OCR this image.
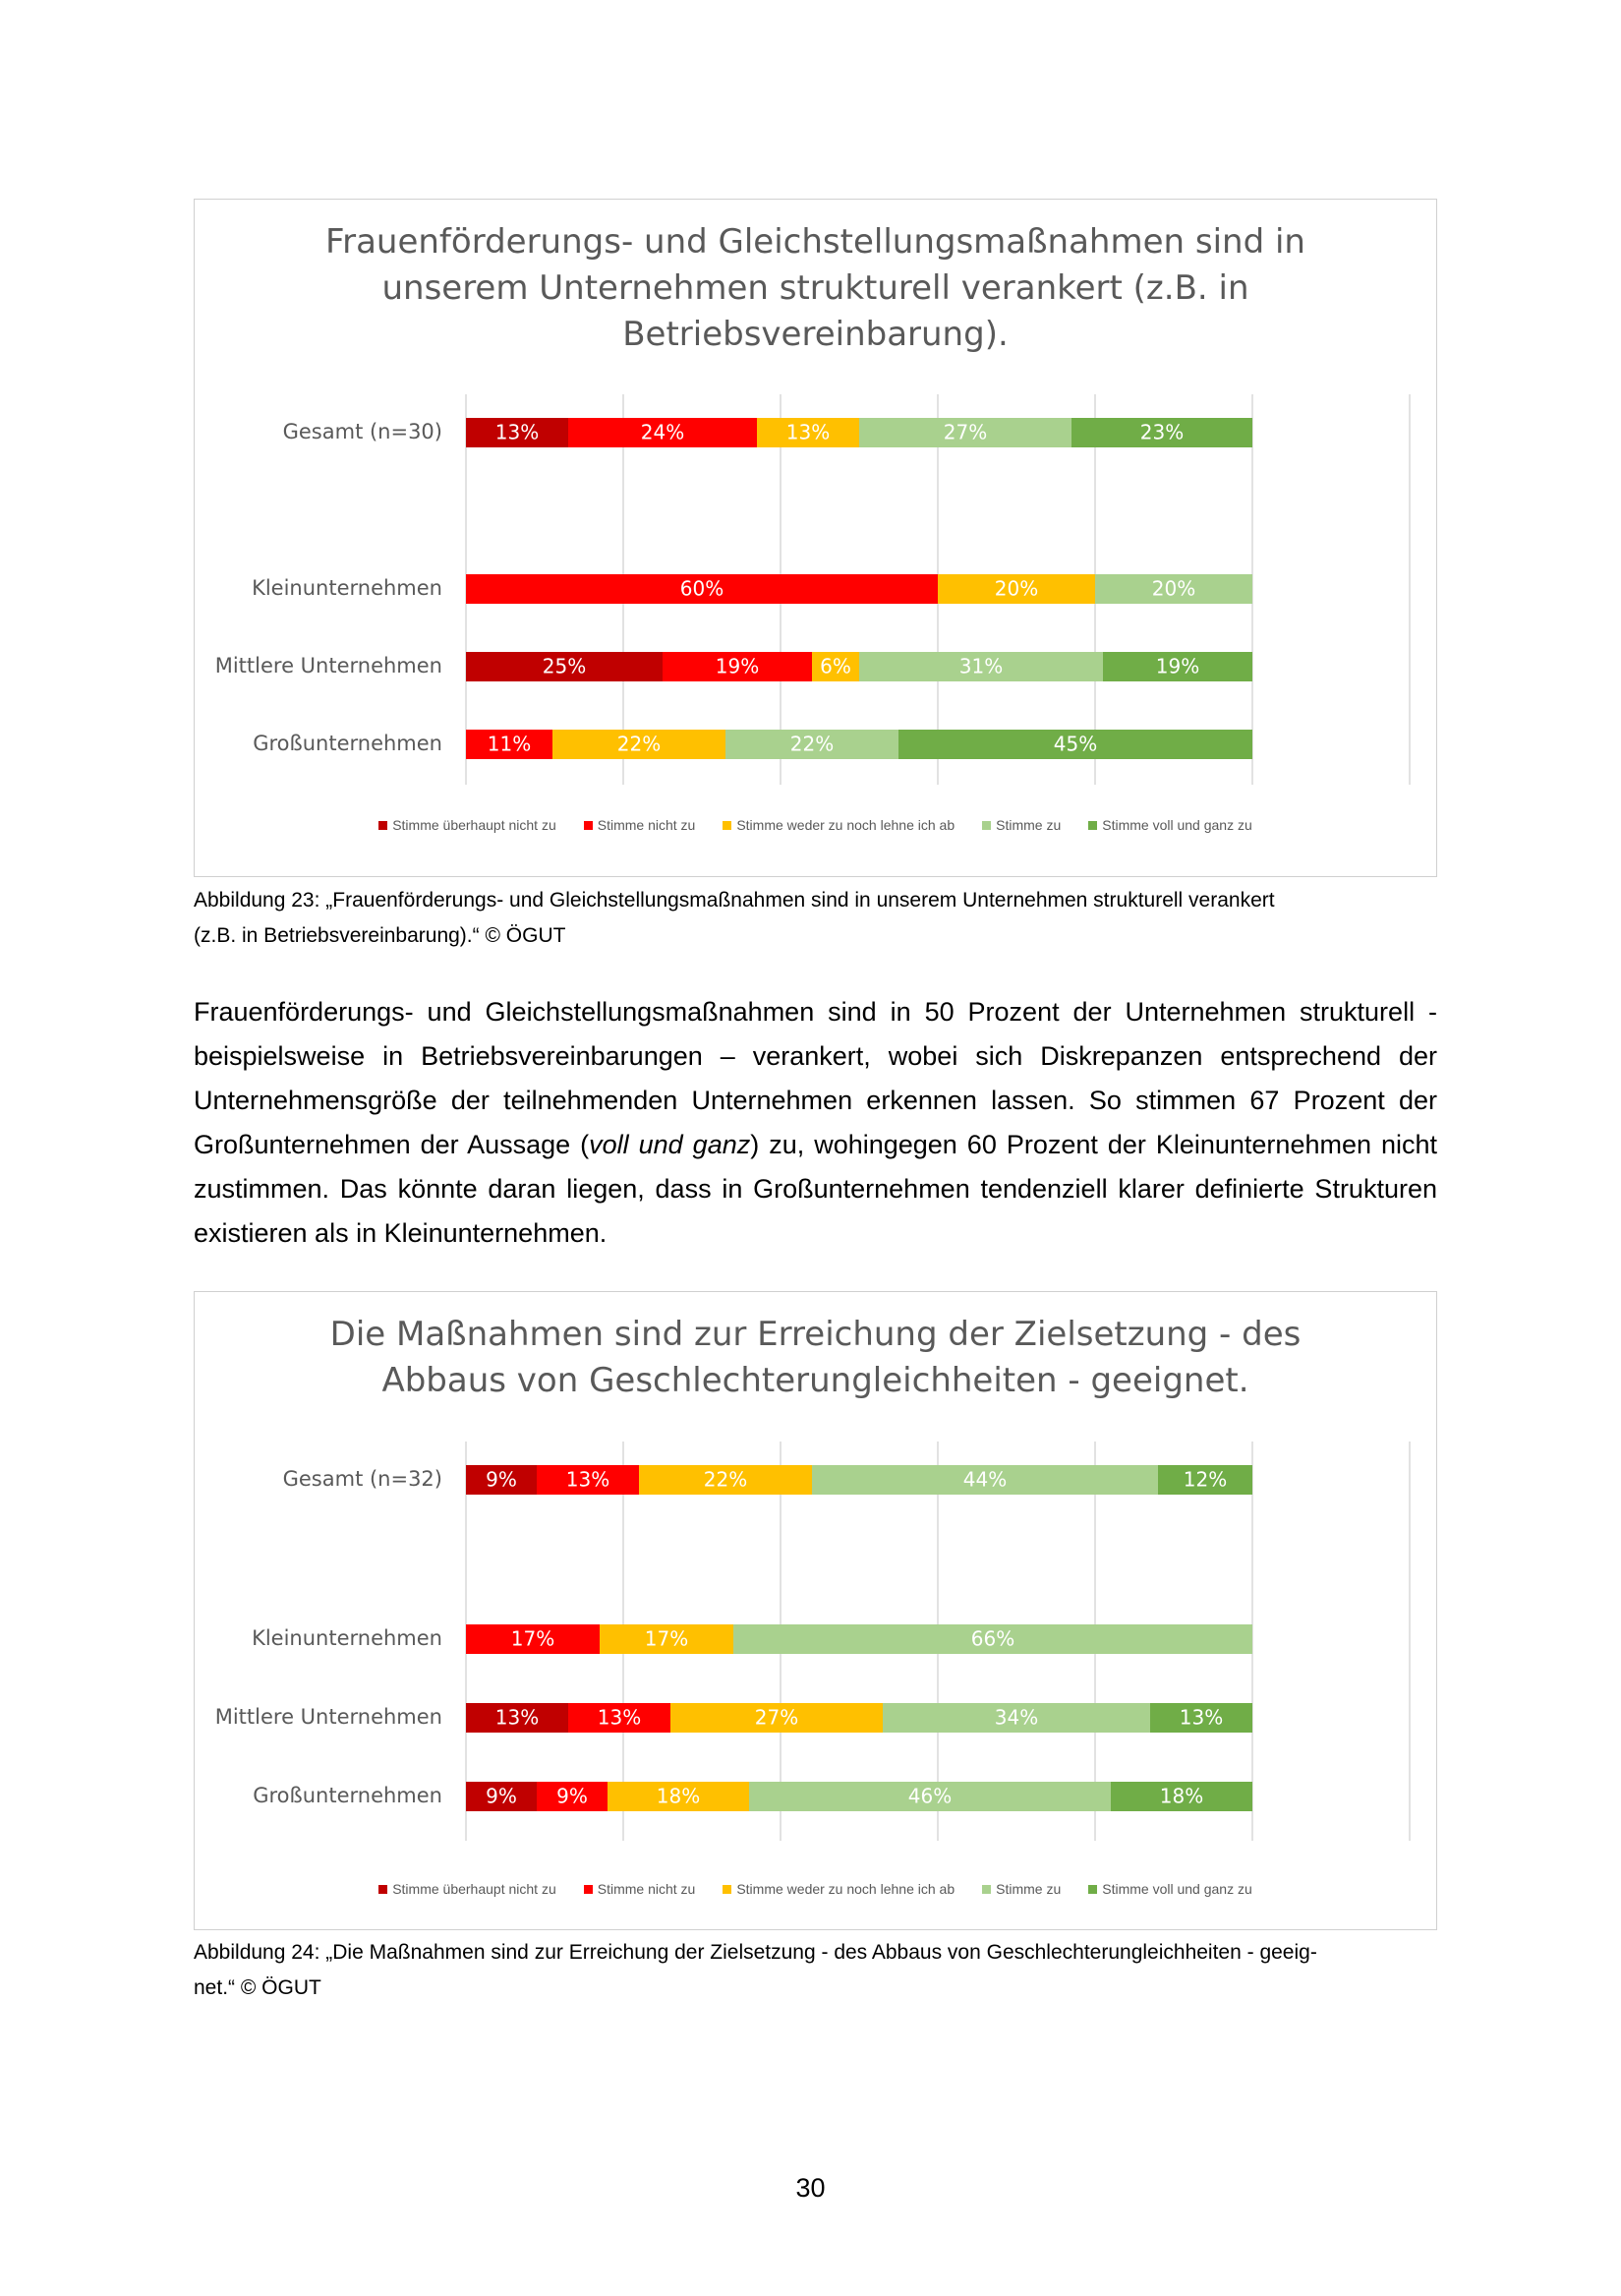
Frauenförderungs- und Gleichstellungsmaßnahmen sind in
unserem Unternehmen strukturell verankert (z.B. in
Betriebsvereinbarung).
Gesamt (n=30)
Kleinunternehmen
Mittlere Unternehmen
Großunternehmen
13%	24%	13%	27%	23%
60%	20%	20%
25%	19%	6%	31%	19%
11%	22%	22%	45%
Stimme überhaupt nicht zu	Stimme nicht zu	Stimme weder zu noch lehne ich ab	Stimme zu	Stimme voll und ganz zu
Abbildung 23: „Frauenförderungs- und Gleichstellungsmaßnahmen sind in unserem Unternehmen strukturell verankert
(z.B. in Betriebsvereinbarung).“ © ÖGUT
Frauenförderungs- und Gleichstellungsmaßnahmen sind in 50 Prozent der Unternehmen strukturell - beispielsweise in Betriebsvereinbarungen – verankert, wobei sich Diskrepanzen entsprechend der Unternehmensgröße der teilnehmenden Unternehmen erkennen lassen. So stimmen 67 Prozent der Großunternehmen der Aussage (voll und ganz) zu, wohingegen 60 Prozent der Kleinunternehmen nicht zustimmen. Das könnte daran liegen, dass in Großunternehmen tendenziell klarer definierte Strukturen existieren als in Kleinunternehmen.
Die Maßnahmen sind zur Erreichung der Zielsetzung - des
Abbaus von Geschlechterungleichheiten - geeignet.
Gesamt (n=32)
Kleinunternehmen
Mittlere Unternehmen
Großunternehmen
9% 13%	22%	44%	12%
17%	17%	66%
13%	13%	27%	34%	13%
9% 9%	18%	46%	18%
Stimme überhaupt nicht zu	Stimme nicht zu	Stimme weder zu noch lehne ich ab	Stimme zu	Stimme voll und ganz zu
Abbildung 24: „Die Maßnahmen sind zur Erreichung der Zielsetzung - des Abbaus von Geschlechterungleichheiten - geeig-
net.“ © ÖGUT
30
